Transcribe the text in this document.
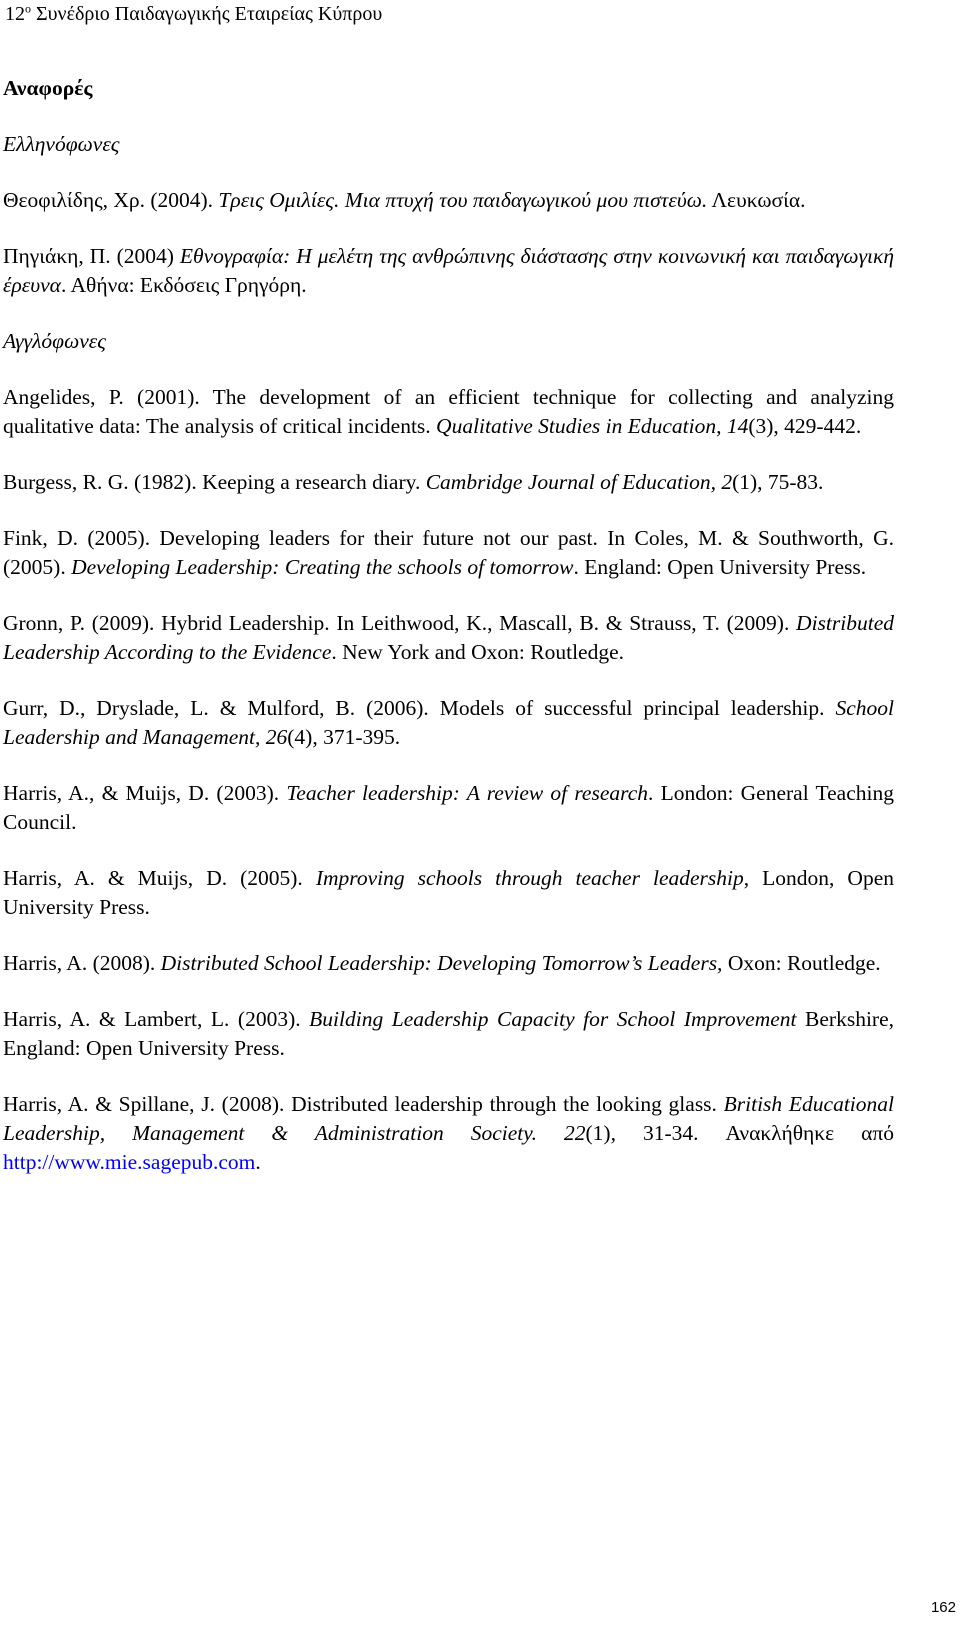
$12^o$ Συνέδριο Παιδαγωγικής Εταιρείας Κύπρου
Αναφορές
Ελληνόφωνες
Θεοφιλίδης, Χρ. (2004). Τρεις Ομιλίες. Μια πτυχή του παιδαγωγικού μου πιστεύω. Λευκωσία.
Πηγιάκη, Π. (2004) Εθνογραφία: Η μελέτη της ανθρώπινης διάστασης στην κοινωνική και παιδαγωγική έρευνα. Αθήνα: Εκδόσεις Γρηγόρη.
Αγγλόφωνες
Angelides, P. (2001). The development of an efficient technique for collecting and analyzing qualitative data: The analysis of critical incidents. Qualitative Studies in Education, 14(3), 429-442.
Burgess, R. G. (1982). Keeping a research diary. Cambridge Journal of Education, 2(1), 75-83.
Fink, D. (2005). Developing leaders for their future not our past. In Coles, M. & Southworth, G. (2005). Developing Leadership: Creating the schools of tomorrow. England: Open University Press.
Gronn, P. (2009). Hybrid Leadership. In Leithwood, K., Mascall, B. & Strauss, T. (2009). Distributed Leadership According to the Evidence. New York and Oxon: Routledge.
Gurr, D., Dryslade, L. & Mulford, B. (2006). Models of successful principal leadership. School Leadership and Management, 26(4), 371-395.
Harris, A., & Muijs, D. (2003). Teacher leadership: A review of research. London: General Teaching Council.
Harris, A. & Muijs, D. (2005). Improving schools through teacher leadership, London, Open University Press.
Harris, A. (2008). Distributed School Leadership: Developing Tomorrow’s Leaders, Oxon: Routledge.
Harris, A. & Lambert, L. (2003). Building Leadership Capacity for School Improvement Berkshire, England: Open University Press.
Harris, A. & Spillane, J. (2008). Distributed leadership through the looking glass. British Educational Leadership, Management & Administration Society. 22(1), 31-34. Ανακλήθηκε από http://www.mie.sagepub.com.
162
